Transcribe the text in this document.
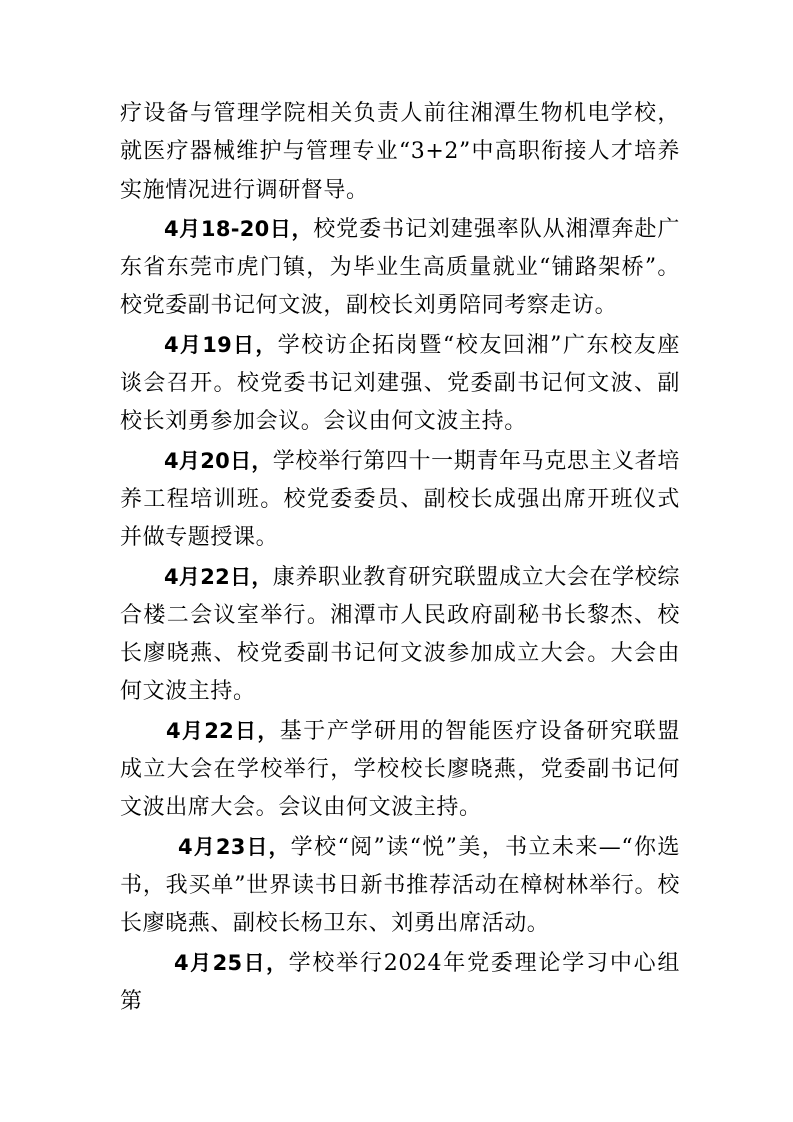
疗设备与管理学院相关负责人前往湘潭生物机电学校，就医疗器械维护与管理专业“3+2”中高职衔接人才培养实施情况进行调研督导。

4月18-20日，校党委书记刘建强率队从湘潭奔赴广东省东莞市虎门镇，为毕业生高质量就业“铺路架桥”。校党委副书记何文波，副校长刘勇陪同考察走访。

4月19日，学校访企拓岗暨“校友回湘”广东校友座谈会召开。校党委书记刘建强、党委副书记何文波、副校长刘勇参加会议。会议由何文波主持。

4月20日，学校举行第四十一期青年马克思主义者培养工程培训班。校党委委员、副校长成强出席开班仪式并做专题授课。

4月22日，康养职业教育研究联盟成立大会在学校综合楼二会议室举行。湘潭市人民政府副秘书长黎杰、校长廖晓燕、校党委副书记何文波参加成立大会。大会由何文波主持。

4月22日，基于产学研用的智能医疗设备研究联盟成立大会在学校举行，学校校长廖晓燕，党委副书记何文波出席大会。会议由何文波主持。

4月23日，学校“阅”读“悦”美，书立未来—“你选书，我买单”世界读书日新书推荐活动在樟树林举行。校长廖晓燕、副校长杨卫东、刘勇出席活动。

4月25日，学校举行2024年党委理论学习中心组第
